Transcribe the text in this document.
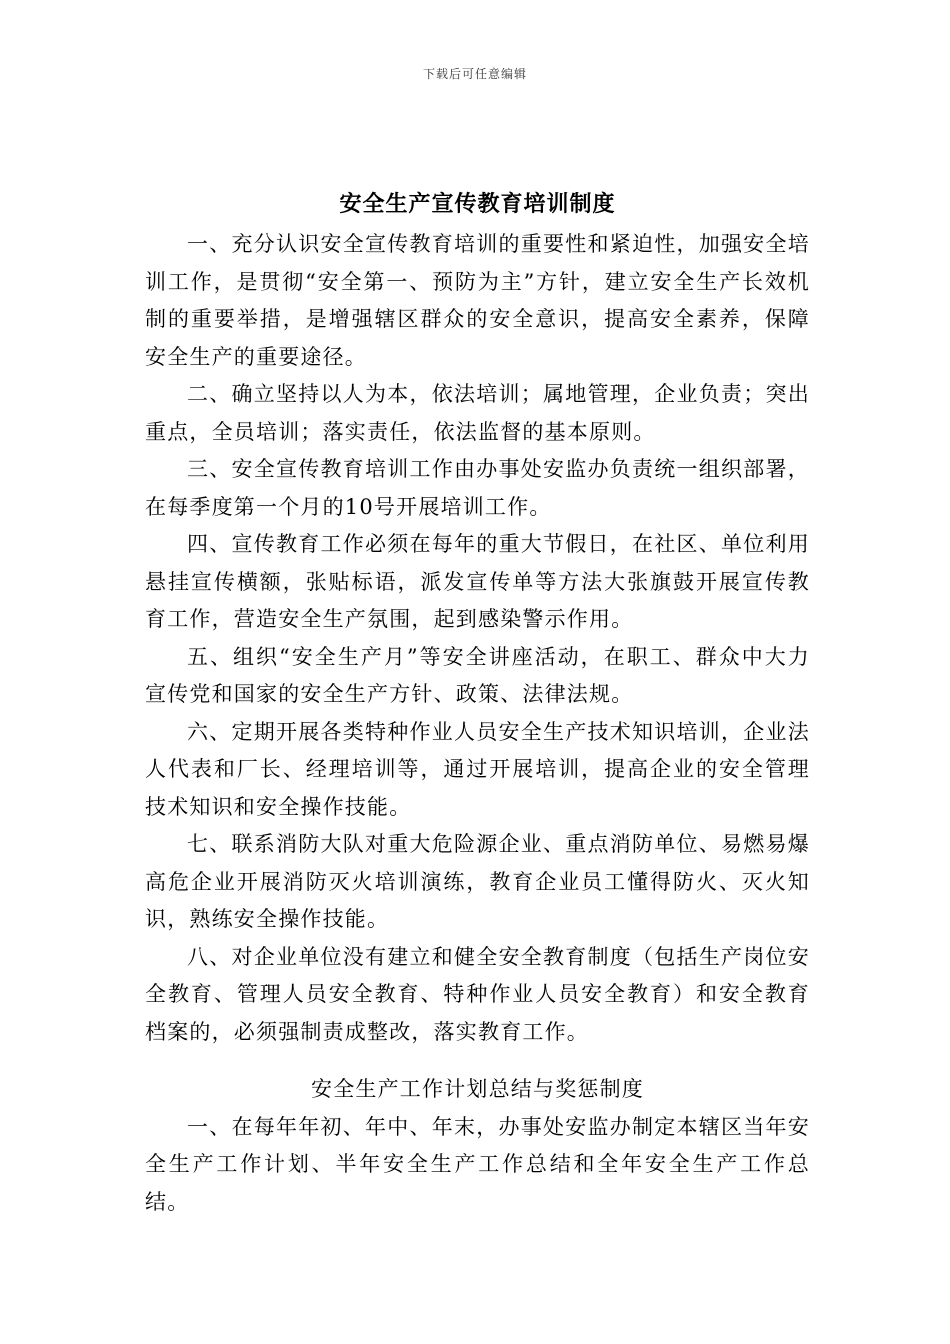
下载后可任意编辑
安全生产宣传教育培训制度

一、充分认识安全宣传教育培训的重要性和紧迫性，加强安全培训工作，是贯彻“安全第一、预防为主”方针，建立安全生产长效机制的重要举措，是增强辖区群众的安全意识，提高安全素养，保障安全生产的重要途径。

二、确立坚持以人为本，依法培训；属地管理，企业负责；突出重点，全员培训；落实责任，依法监督的基本原则。

三、安全宣传教育培训工作由办事处安监办负责统一组织部署，在每季度第一个月的10号开展培训工作。

四、宣传教育工作必须在每年的重大节假日，在社区、单位利用悬挂宣传横额，张贴标语，派发宣传单等方法大张旗鼓开展宣传教育工作，营造安全生产氛围，起到感染警示作用。

五、组织“安全生产月”等安全讲座活动，在职工、群众中大力宣传党和国家的安全生产方针、政策、法律法规。

六、定期开展各类特种作业人员安全生产技术知识培训，企业法人代表和厂长、经理培训等，通过开展培训，提高企业的安全管理技术知识和安全操作技能。

七、联系消防大队对重大危险源企业、重点消防单位、易燃易爆高危企业开展消防灭火培训演练，教育企业员工懂得防火、灭火知识，熟练安全操作技能。

八、对企业单位没有建立和健全安全教育制度（包括生产岗位安全教育、管理人员安全教育、特种作业人员安全教育）和安全教育档案的，必须强制责成整改，落实教育工作。

安全生产工作计划总结与奖惩制度

一、在每年年初、年中、年末，办事处安监办制定本辖区当年安全生产工作计划、半年安全生产工作总结和全年安全生产工作总结。
